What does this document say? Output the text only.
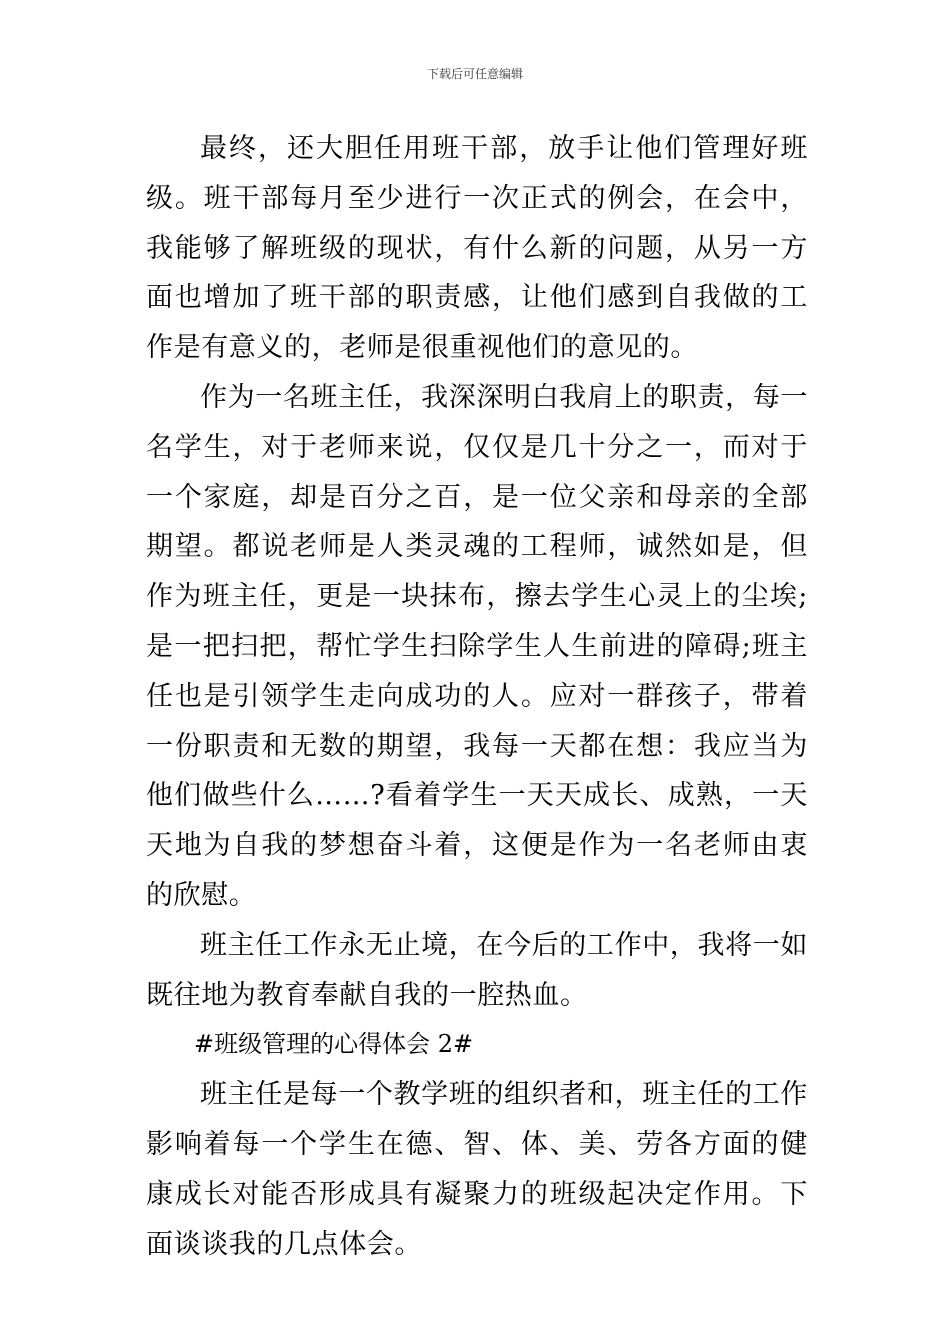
下载后可任意编辑

最终，还大胆任用班干部，放手让他们管理好班级。班干部每月至少进行一次正式的例会，在会中，我能够了解班级的现状，有什么新的问题，从另一方面也增加了班干部的职责感，让他们感到自我做的工作是有意义的，老师是很重视他们的意见的。

作为一名班主任，我深深明白我肩上的职责，每一名学生，对于老师来说，仅仅是几十分之一，而对于一个家庭，却是百分之百，是一位父亲和母亲的全部期望。都说老师是人类灵魂的工程师，诚然如是，但作为班主任，更是一块抹布，擦去学生心灵上的尘埃;是一把扫把，帮忙学生扫除学生人生前进的障碍;班主任也是引领学生走向成功的人。应对一群孩子，带着一份职责和无数的期望，我每一天都在想：我应当为他们做些什么……?看着学生一天天成长、成熟，一天天地为自我的梦想奋斗着，这便是作为一名老师由衷的欣慰。

班主任工作永无止境，在今后的工作中，我将一如既往地为教育奉献自我的一腔热血。

#班级管理的心得体会 2#

班主任是每一个教学班的组织者和，班主任的工作影响着每一个学生在德、智、体、美、劳各方面的健康成长对能否形成具有凝聚力的班级起决定作用。下面谈谈我的几点体会。
